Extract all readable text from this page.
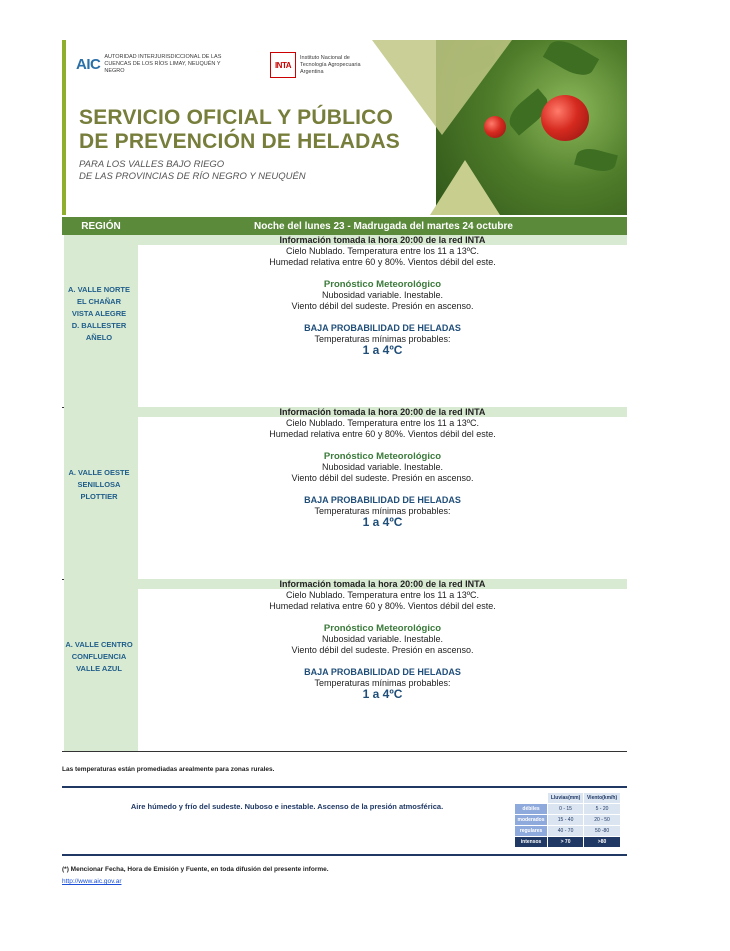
AIC AUTORIDAD INTERJURISDICCIONAL DE LAS CUENCAS DE LOS RÍOS LIMAY, NEUQUÉN Y NEGRO
INTA
Instituto Nacional de Tecnología Agropecuaria Argentina
SERVICIO OFICIAL Y PÚBLICO
DE PREVENCIÓN DE HELADAS
PARA LOS VALLES BAJO RIEGO
DE LAS PROVINCIAS DE RÍO NEGRO Y NEUQUÉN
REGIÓN	Noche del lunes 23 - Madrugada del martes 24 octubre
A. VALLE NORTE
EL CHAÑAR
VISTA ALEGRE
D. BALLESTER
AÑELO
Información tomada la hora 20:00 de la red INTA
Cielo Nublado. Temperatura entre los 11 a 13ºC.
Humedad relativa entre 60 y 80%. Vientos débil del este.
Pronóstico Meteorológico
Nubosidad variable. Inestable.
Viento débil del sudeste. Presión en ascenso.
BAJA PROBABILIDAD DE HELADAS
Temperaturas mínimas probables:
1 a 4ºC
A. VALLE OESTE
SENILLOSA
PLOTTIER
Información tomada la hora 20:00 de la red INTA
Cielo Nublado. Temperatura entre los 11 a 13ºC.
Humedad relativa entre 60 y 80%. Vientos débil del este.
Pronóstico Meteorológico
Nubosidad variable. Inestable.
Viento débil del sudeste. Presión en ascenso.
BAJA PROBABILIDAD DE HELADAS
Temperaturas mínimas probables:
1 a 4ºC
A. VALLE CENTRO
CONFLUENCIA
VALLE AZUL
Información tomada la hora 20:00 de la red INTA
Cielo Nublado. Temperatura entre los 11 a 13ºC.
Humedad relativa entre 60 y 80%. Vientos débil del este.
Pronóstico Meteorológico
Nubosidad variable. Inestable.
Viento débil del sudeste. Presión en ascenso.
BAJA PROBABILIDAD DE HELADAS
Temperaturas mínimas probables:
1 a 4ºC
Las temperaturas están promediadas arealmente para zonas rurales.
Aire húmedo y frío del sudeste. Nuboso e inestable. Ascenso de la presión atmosférica.
	Lluvias(mm)	Viento(km/h)
débiles	0 - 15	5 - 20
moderados	15 - 40	20 - 50
regulares	40 - 70	50 -80
intensos	> 70	>80
(*) Mencionar Fecha, Hora de Emisión y Fuente, en toda difusión del presente informe.
http://www.aic.gov.ar
